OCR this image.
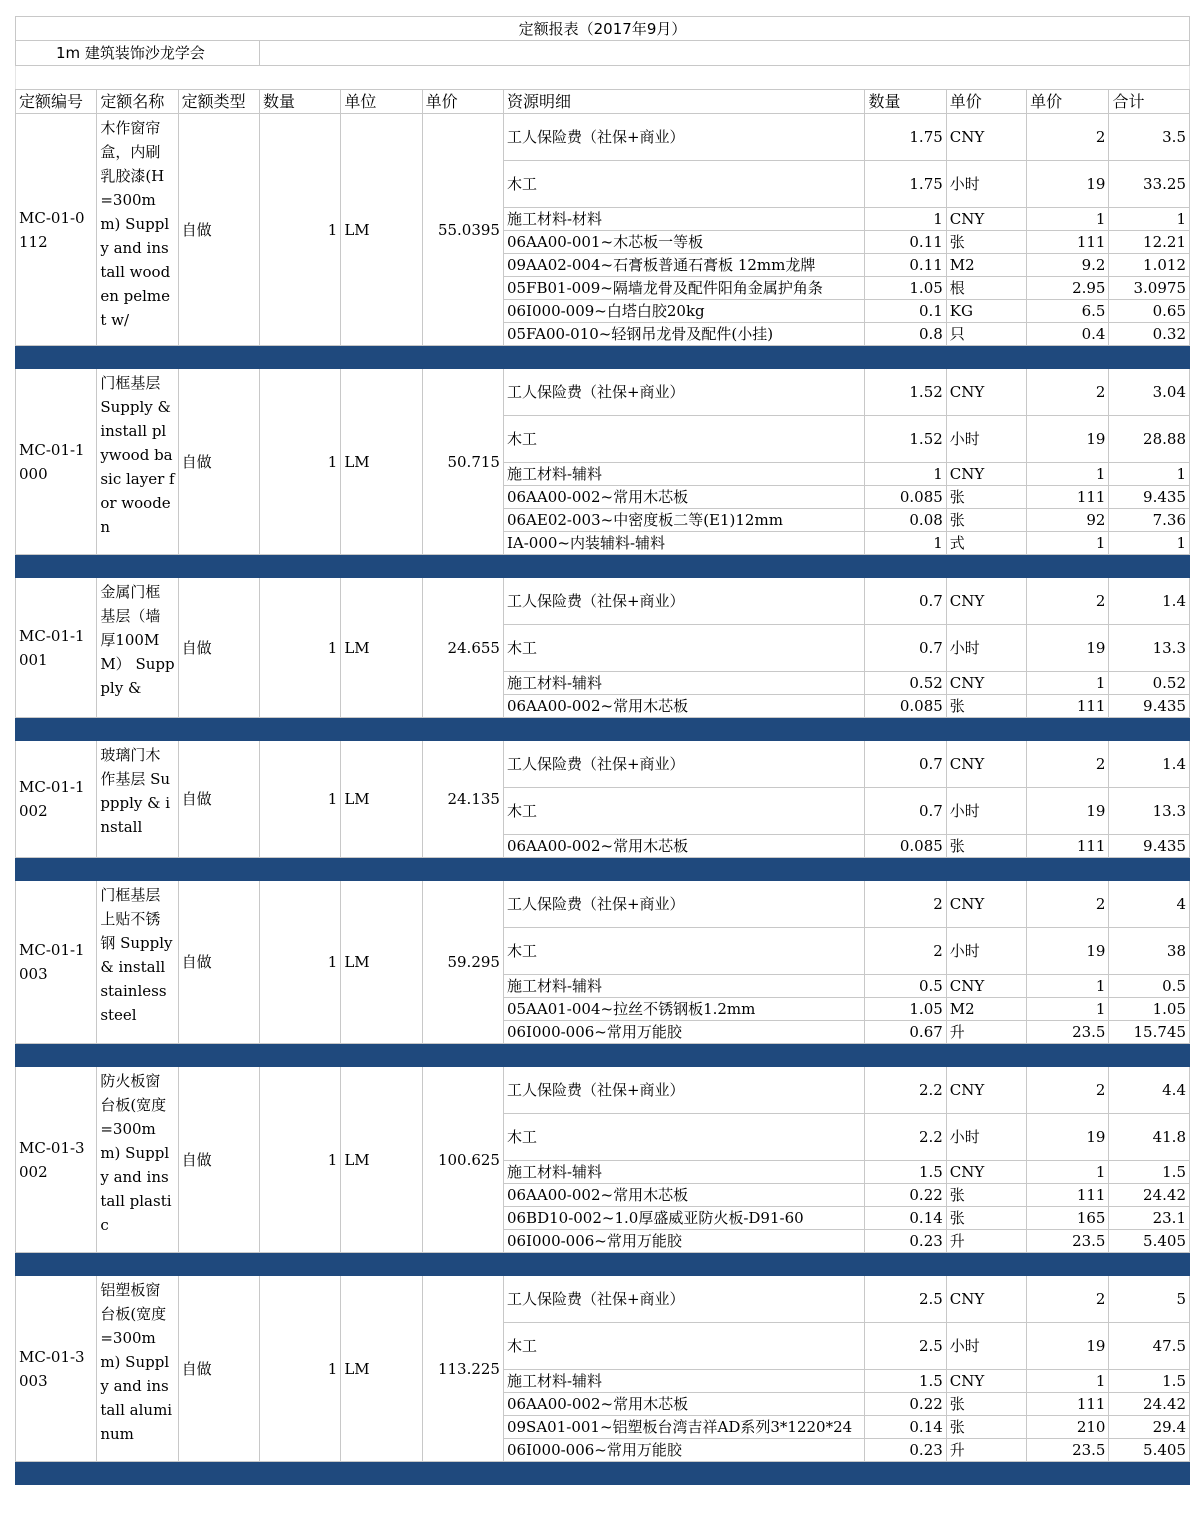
定额报表（2017年9月）										
1m 建筑装饰沙龙学会										

定额编号	定额名称	定额类型	数量	单位	单价	资源明细	数量	单价	单价	合计
MC-01-0112	木作窗帘盒，内刷乳胶漆(H=300mm) Supply and install wooden pelmet w/	自做	1	LM	55.0395	工人保险费（社保+商业）	1.75	CNY	2	3.5
						木工	1.75	小时	19	33.25
						施工材料-材料	1	CNY	1	1
						06AA00-001~木芯板一等板	0.11	张	111	12.21
						09AA02-004~石膏板普通石膏板 12mm龙牌	0.11	M2	9.2	1.012
						05FB01-009~隔墙龙骨及配件阳角金属护角条	1.05	根	2.95	3.0975
						06I000-009~白塔白胶20kg	0.1	KG	6.5	0.65
						05FA00-010~轻钢吊龙骨及配件(小挂)	0.8	只	0.4	0.32

MC-01-1000	门框基层 Supply & install plywood basic layer for wooden	自做	1	LM	50.715	工人保险费（社保+商业）	1.52	CNY	2	3.04
						木工	1.52	小时	19	28.88
						施工材料-辅料	1	CNY	1	1
						06AA00-002~常用木芯板	0.085	张	111	9.435
						06AE02-003~中密度板二等(E1)12mm	0.08	张	92	7.36
						IA-000~内装辅料-辅料	1	式	1	1

MC-01-1001	金属门框基层（墙厚100MM） Suppply &	自做	1	LM	24.655	工人保险费（社保+商业）	0.7	CNY	2	1.4
						木工	0.7	小时	19	13.3
						施工材料-辅料	0.52	CNY	1	0.52
						06AA00-002~常用木芯板	0.085	张	111	9.435

MC-01-1002	玻璃门木作基层 Suppply & install	自做	1	LM	24.135	工人保险费（社保+商业）	0.7	CNY	2	1.4
						木工	0.7	小时	19	13.3
						06AA00-002~常用木芯板	0.085	张	111	9.435

MC-01-1003	门框基层上贴不锈钢 Supply & install stainless steel	自做	1	LM	59.295	工人保险费（社保+商业）	2	CNY	2	4
						木工	2	小时	19	38
						施工材料-辅料	0.5	CNY	1	0.5
						05AA01-004~拉丝不锈钢板1.2mm	1.05	M2	1	1.05
						06I000-006~常用万能胶	0.67	升	23.5	15.745

MC-01-3002	防火板窗台板(宽度=300mm) Supply and install plastic	自做	1	LM	100.625	工人保险费（社保+商业）	2.2	CNY	2	4.4
						木工	2.2	小时	19	41.8
						施工材料-辅料	1.5	CNY	1	1.5
						06AA00-002~常用木芯板	0.22	张	111	24.42
						06BD10-002~1.0厚盛威亚防火板-D91-60	0.14	张	165	23.1
						06I000-006~常用万能胶	0.23	升	23.5	5.405

MC-01-3003	铝塑板窗台板(宽度=300mm) Supply and install aluminum	自做	1	LM	113.225	工人保险费（社保+商业）	2.5	CNY	2	5
						木工	2.5	小时	19	47.5
						施工材料-辅料	1.5	CNY	1	1.5
						06AA00-002~常用木芯板	0.22	张	111	24.42
						09SA01-001~铝塑板台湾吉祥AD系列3*1220*24	0.14	张	210	29.4
						06I000-006~常用万能胶	0.23	升	23.5	5.405
